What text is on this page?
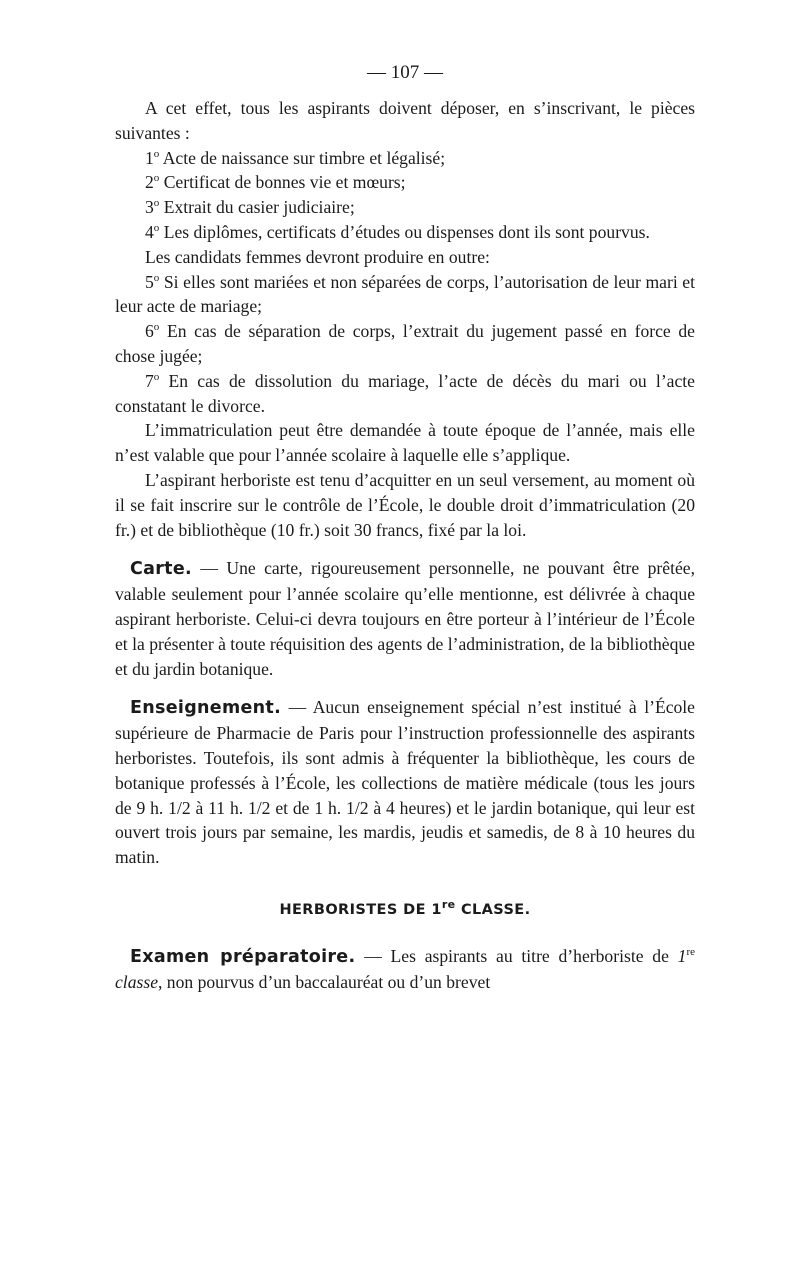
— 107 —

A cet effet, tous les aspirants doivent déposer, en s’inscrivant, le pièces suivantes :

1$^o$ Acte de naissance sur timbre et légalisé;

2$^o$ Certificat de bonnes vie et mœurs;

3$^o$ Extrait du casier judiciaire;

4$^o$ Les diplômes, certificats d’études ou dispenses dont ils sont pourvus.

Les candidats femmes devront produire en outre:

5$^o$ Si elles sont mariées et non séparées de corps, l’autorisation de leur mari et leur acte de mariage;

6$^o$ En cas de séparation de corps, l’extrait du jugement passé en force de chose jugée;

7$^o$ En cas de dissolution du mariage, l’acte de décès du mari ou l’acte constatant le divorce.

L’immatriculation peut être demandée à toute époque de l’année, mais elle n’est valable que pour l’année scolaire à laquelle elle s’applique.

L’aspirant herboriste est tenu d’acquitter en un seul versement, au moment où il se fait inscrire sur le contrôle de l’École, le double droit d’immatriculation (20 fr.) et de bibliothèque (10 fr.) soit 30 francs, fixé par la loi.

Carte. — Une carte, rigoureusement personnelle, ne pouvant être prêtée, valable seulement pour l’année scolaire qu’elle mentionne, est délivrée à chaque aspirant herboriste. Celui-ci devra toujours en être porteur à l’intérieur de l’École et la présenter à toute réquisition des agents de l’administration, de la bibliothèque et du jardin botanique.

Enseignement. — Aucun enseignement spécial n’est institué à l’École supérieure de Pharmacie de Paris pour l’instruction professionnelle des aspirants herboristes. Toutefois, ils sont admis à fréquenter la bibliothèque, les cours de botanique professés à l’École, les collections de matière médicale (tous les jours de 9 h. 1/2 à 11 h. 1/2 et de 1 h. 1/2 à 4 heures) et le jardin botanique, qui leur est ouvert trois jours par semaine, les mardis, jeudis et samedis, de 8 à 10 heures du matin.

HERBORISTES DE 1re CLASSE.

Examen préparatoire. — Les aspirants au titre d’herboriste de 1re classe, non pourvus d’un baccalauréat ou d’un brevet
